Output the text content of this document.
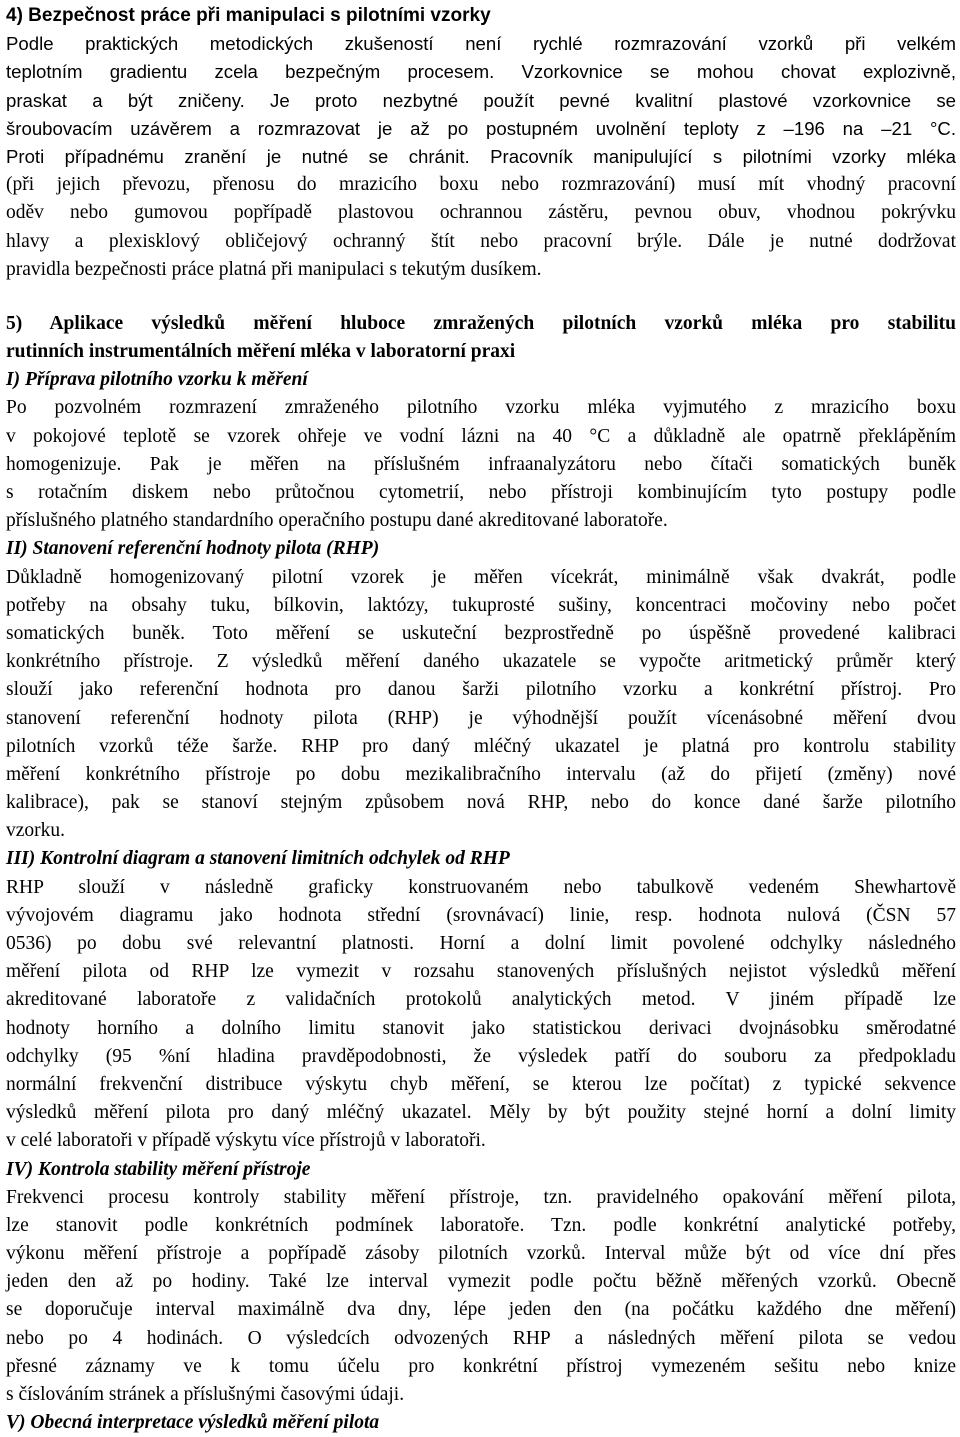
4) Bezpečnost práce při manipulaci s pilotními vzorky
Podle praktických metodických zkušeností není rychlé rozmrazování vzorků při velkém
teplotním gradientu zcela bezpečným procesem. Vzorkovnice se mohou chovat explozivně,
praskat a být zničeny. Je proto nezbytné použít pevné kvalitní plastové vzorkovnice se
šroubovacím uzávěrem a rozmrazovat je až po postupném uvolnění teploty z –196 na –21 °C.
Proti případnému zranění je nutné se chránit. Pracovník manipulující s pilotními vzorky mléka
(při jejich převozu, přenosu do mrazicího boxu nebo rozmrazování) musí mít vhodný pracovní
oděv nebo gumovou popřípadě plastovou ochrannou zástěru, pevnou obuv, vhodnou pokrývku
hlavy a plexisklový obličejový ochranný štít nebo pracovní brýle. Dále je nutné dodržovat
pravidla bezpečnosti práce platná při manipulaci s tekutým dusíkem.
5) Aplikace výsledků měření hluboce zmražených pilotních vzorků mléka pro stabilitu
rutinních instrumentálních měření mléka v laboratorní praxi
I) Příprava pilotního vzorku k měření
Po pozvolném rozmrazení zmraženého pilotního vzorku mléka vyjmutého z mrazicího boxu
v pokojové teplotě se vzorek ohřeje ve vodní lázni na 40 °C a důkladně ale opatrně překlápěním
homogenizuje. Pak je měřen na příslušném infraanalyzátoru nebo čítači somatických buněk
s rotačním diskem nebo průtočnou cytometrií, nebo přístroji kombinujícím tyto postupy podle
příslušného platného standardního operačního postupu dané akreditované laboratoře.
II) Stanovení referenční hodnoty pilota (RHP)
Důkladně homogenizovaný pilotní vzorek je měřen vícekrát, minimálně však dvakrát, podle
potřeby na obsahy tuku, bílkovin, laktózy, tukuprosté sušiny, koncentraci močoviny nebo počet
somatických buněk. Toto měření se uskuteční bezprostředně po úspěšně provedené kalibraci
konkrétního přístroje. Z výsledků měření daného ukazatele se vypočte aritmetický průměr který
slouží jako referenční hodnota pro danou šarži pilotního vzorku a konkrétní přístroj. Pro
stanovení referenční hodnoty pilota (RHP) je výhodnější použít vícenásobné měření dvou
pilotních vzorků téže šarže. RHP pro daný mléčný ukazatel je platná pro kontrolu stability
měření konkrétního přístroje po dobu mezikalibračního intervalu (až do přijetí (změny) nové
kalibrace), pak se stanoví stejným způsobem nová RHP, nebo do konce dané šarže pilotního
vzorku.
III) Kontrolní diagram a stanovení limitních odchylek od RHP
RHP slouží v následně graficky konstruovaném nebo tabulkově vedeném Shewhartově
vývojovém diagramu jako hodnota střední (srovnávací) linie, resp. hodnota nulová (ČSN 57
0536) po dobu své relevantní platnosti. Horní a dolní limit povolené odchylky následného
měření pilota od RHP lze vymezit v rozsahu stanovených příslušných nejistot výsledků měření
akreditované laboratoře z validačních protokolů analytických metod. V jiném případě lze
hodnoty horního a dolního limitu stanovit jako statistickou derivaci dvojnásobku směrodatné
odchylky (95 %ní hladina pravděpodobnosti, že výsledek patří do souboru za předpokladu
normální frekvenční distribuce výskytu chyb měření, se kterou lze počítat) z typické sekvence
výsledků měření pilota pro daný mléčný ukazatel. Měly by být použity stejné horní a dolní limity
v celé laboratoři v případě výskytu více přístrojů v laboratoři.
IV) Kontrola stability měření přístroje
Frekvenci procesu kontroly stability měření přístroje, tzn. pravidelného opakování měření pilota,
lze stanovit podle konkrétních podmínek laboratoře. Tzn. podle konkrétní analytické potřeby,
výkonu měření přístroje a popřípadě zásoby pilotních vzorků. Interval může být od více dní přes
jeden den až po hodiny. Také lze interval vymezit podle počtu běžně měřených vzorků. Obecně
se doporučuje interval maximálně dva dny, lépe jeden den (na počátku každého dne měření)
nebo po 4 hodinách. O výsledcích odvozených RHP a následných měření pilota se vedou
přesné záznamy ve k tomu účelu pro konkrétní přístroj vymezeném sešitu nebo knize
s číslováním stránek a příslušnými časovými údaji.
V) Obecná interpretace výsledků měření pilota
